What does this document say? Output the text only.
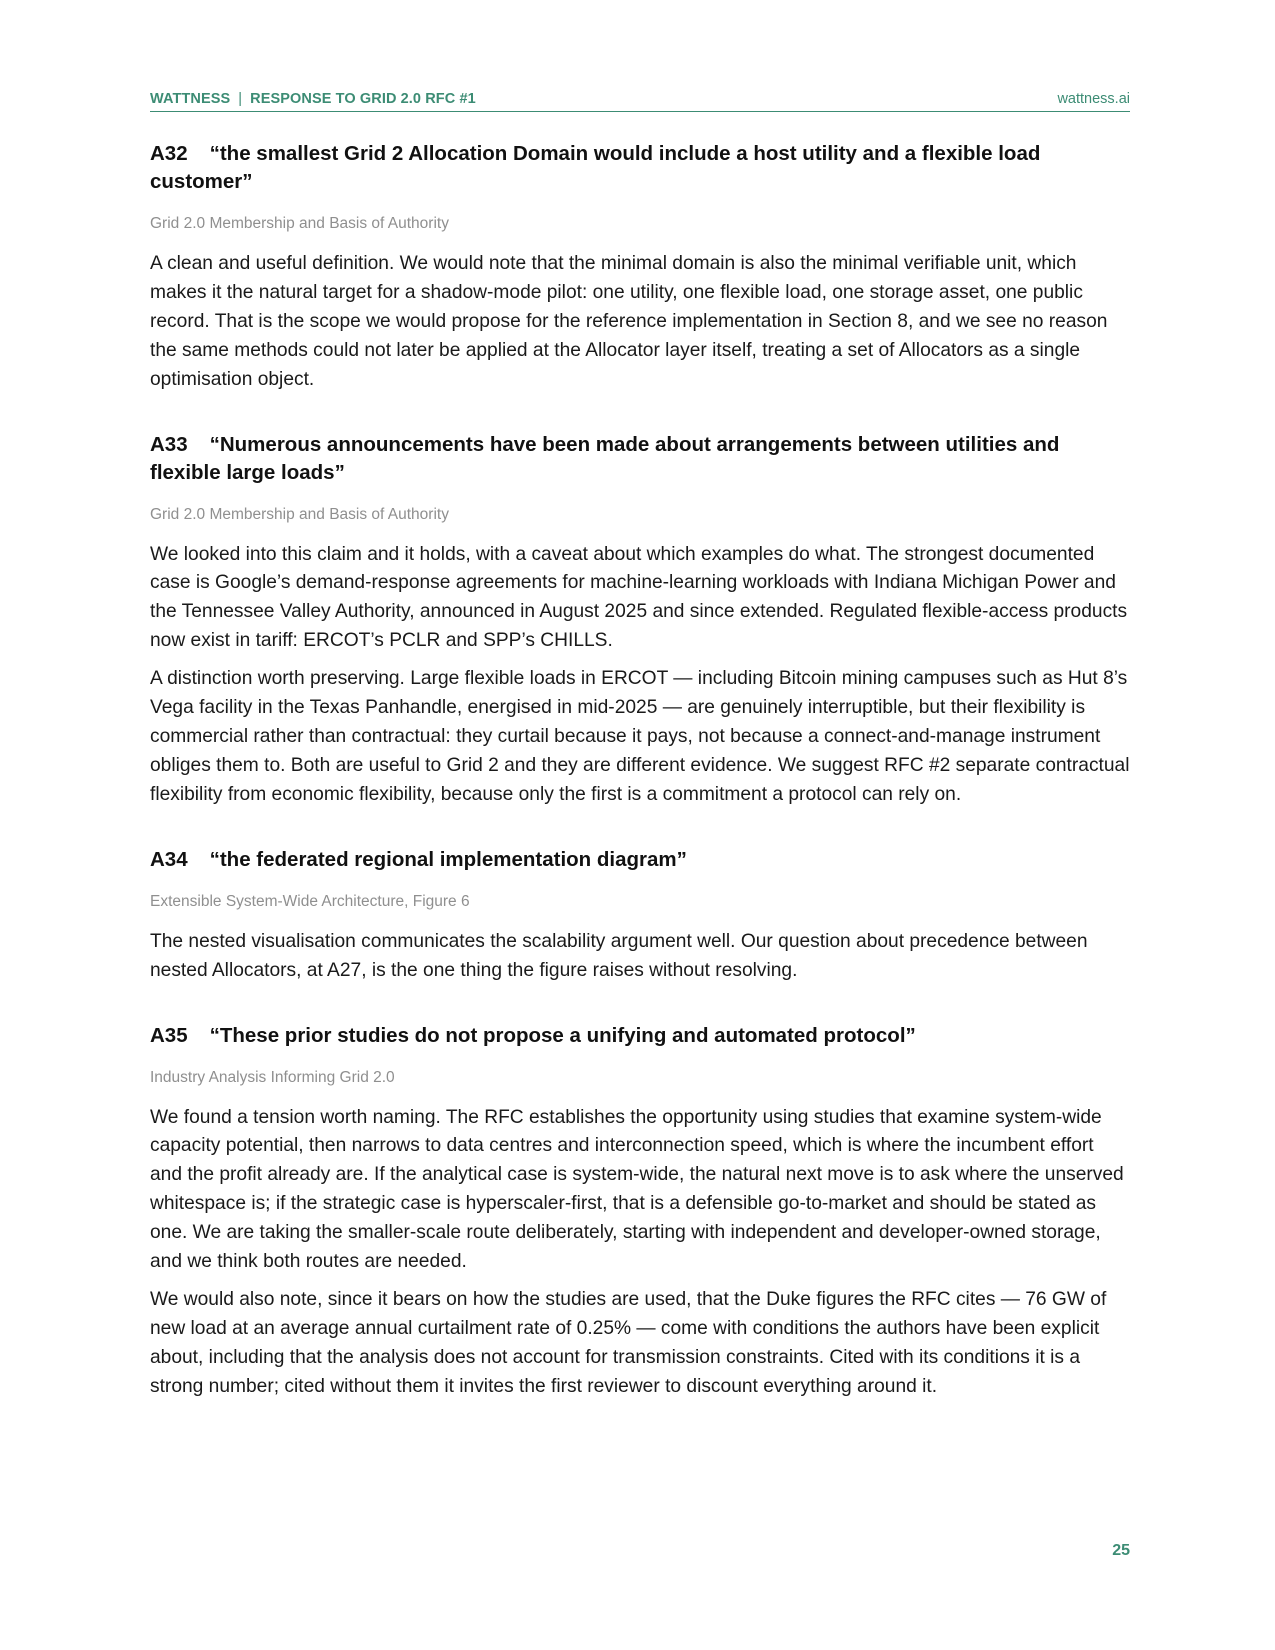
WATTNESS | RESPONSE TO GRID 2.0 RFC #1	wattness.ai
A32 “the smallest Grid 2 Allocation Domain would include a host utility and a flexible load customer”
Grid 2.0 Membership and Basis of Authority

A clean and useful definition. We would note that the minimal domain is also the minimal verifiable unit, which makes it the natural target for a shadow-mode pilot: one utility, one flexible load, one storage asset, one public record. That is the scope we would propose for the reference implementation in Section 8, and we see no reason the same methods could not later be applied at the Allocator layer itself, treating a set of Allocators as a single optimisation object.

A33 “Numerous announcements have been made about arrangements between utilities and flexible large loads”
Grid 2.0 Membership and Basis of Authority

We looked into this claim and it holds, with a caveat about which examples do what. The strongest documented case is Google’s demand-response agreements for machine-learning workloads with Indiana Michigan Power and the Tennessee Valley Authority, announced in August 2025 and since extended. Regulated flexible-access products now exist in tariff: ERCOT’s PCLR and SPP’s CHILLS.

A distinction worth preserving. Large flexible loads in ERCOT — including Bitcoin mining campuses such as Hut 8’s Vega facility in the Texas Panhandle, energised in mid-2025 — are genuinely interruptible, but their flexibility is commercial rather than contractual: they curtail because it pays, not because a connect-and-manage instrument obliges them to. Both are useful to Grid 2 and they are different evidence. We suggest RFC #2 separate contractual flexibility from economic flexibility, because only the first is a commitment a protocol can rely on.

A34 “the federated regional implementation diagram”
Extensible System-Wide Architecture, Figure 6

The nested visualisation communicates the scalability argument well. Our question about precedence between nested Allocators, at A27, is the one thing the figure raises without resolving.

A35 “These prior studies do not propose a unifying and automated protocol”
Industry Analysis Informing Grid 2.0

We found a tension worth naming. The RFC establishes the opportunity using studies that examine system-wide capacity potential, then narrows to data centres and interconnection speed, which is where the incumbent effort and the profit already are. If the analytical case is system-wide, the natural next move is to ask where the unserved whitespace is; if the strategic case is hyperscaler-first, that is a defensible go-to-market and should be stated as one. We are taking the smaller-scale route deliberately, starting with independent and developer-owned storage, and we think both routes are needed.

We would also note, since it bears on how the studies are used, that the Duke figures the RFC cites — 76 GW of new load at an average annual curtailment rate of 0.25% — come with conditions the authors have been explicit about, including that the analysis does not account for transmission constraints. Cited with its conditions it is a strong number; cited without them it invites the first reviewer to discount everything around it.

25
